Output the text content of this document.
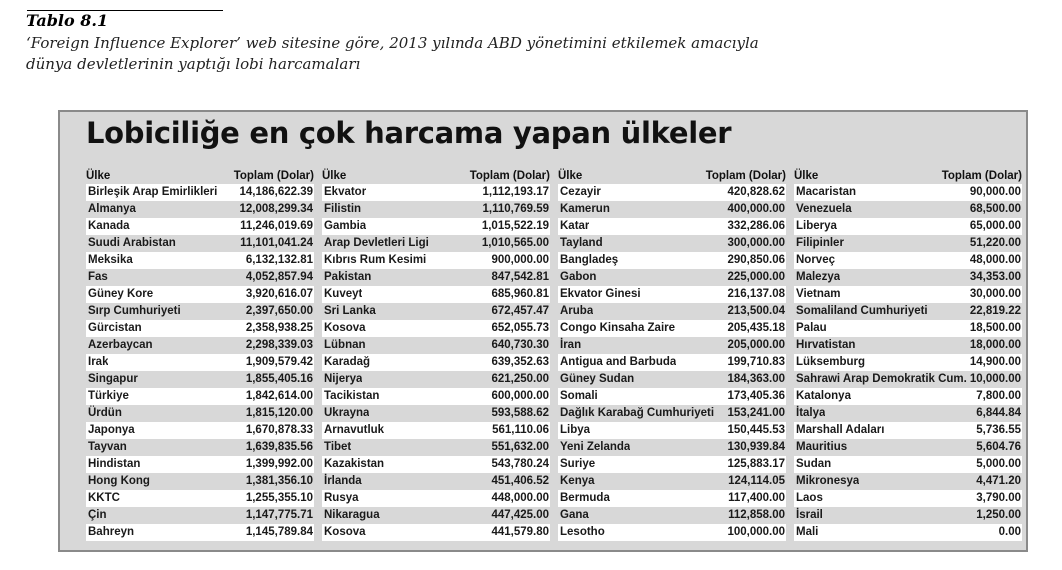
Tablo 8.1
‘Foreign Influence Explorer’ web sitesine göre, 2013 yılında ABD yönetimini etkilemek amacıyla
dünya devletlerinin yaptığı lobi harcamaları
Lobiciliğe en çok harcama yapan ülkeler
Ülke	Toplam (Dolar)
Birleşik Arap Emirlikleri 14,186,622.39
Almanya	12,008,299.34
Kanada	11,246,019.69
Suudi Arabistan	11,101,041.24
Meksika	6,132,132.81
Fas	4,052,857.94
Güney Kore	3,920,616.07
Sırp Cumhuriyeti	2,397,650.00
Gürcistan	2,358,938.25
Azerbaycan	2,298,339.03
Irak	1,909,579.42
Singapur	1,855,405.16
Türkiye	1,842,614.00
Ürdün	1,815,120.00
Japonya	1,670,878.33
Tayvan	1,639,835.56
Hindistan	1,399,992.00
Hong Kong	1,381,356.10
KKTC	1,255,355.10
Çin	1,147,775.71
Bahreyn	1,145,789.84
Ülke	Toplam (Dolar)
Ekvator	1,112,193.17
Filistin	1,110,769.59
Gambia	1,015,522.19
Arap Devletleri Ligi	1,010,565.00
Kıbrıs Rum Kesimi	900,000.00
Pakistan	847,542.81
Kuveyt	685,960.81
Sri Lanka	672,457.47
Kosova	652,055.73
Lübnan	640,730.30
Karadağ	639,352.63
Nijerya	621,250.00
Tacikistan	600,000.00
Ukrayna	593,588.62
Arnavutluk	561,110.06
Tibet	551,632.00
Kazakistan	543,780.24
İrlanda	451,406.52
Rusya	448,000.00
Nikaragua	447,425.00
Kosova	441,579.80
Ülke	Toplam (Dolar)
Cezayir	420,828.62
Kamerun	400,000.00
Katar	332,286.06
Tayland	300,000.00
Bangladeş	290,850.06
Gabon	225,000.00
Ekvator Ginesi	216,137.08
Aruba	213,500.04
Congo Kinsaha Zaire	205,435.18
İran	205,000.00
Antigua and Barbuda	199,710.83
Güney Sudan	184,363.00
Somali	173,405.36
Dağlık Karabağ Cumhuriyeti 153,241.00
Libya	150,445.53
Yeni Zelanda	130,939.84
Suriye	125,883.17
Kenya	124,114.05
Bermuda	117,400.00
Gana	112,858.00
Lesotho	100,000.00
Ülke	Toplam (Dolar)
Macaristan	90,000.00
Venezuela	68,500.00
Liberya	65,000.00
Filipinler	51,220.00
Norveç	48,000.00
Malezya	34,353.00
Vietnam	30,000.00
Somaliland Cumhuriyeti	22,819.22
Palau	18,500.00
Hırvatistan	18,000.00
Lüksemburg	14,900.00
Sahrawi Arap Demokratik Cum. 10,000.00
Katalonya	7,800.00
İtalya	6,844.84
Marshall Adaları	5,736.55
Mauritius	5,604.76
Sudan	5,000.00
Mikronesya	4,471.20
Laos	3,790.00
İsrail	1,250.00
Mali	0.00
